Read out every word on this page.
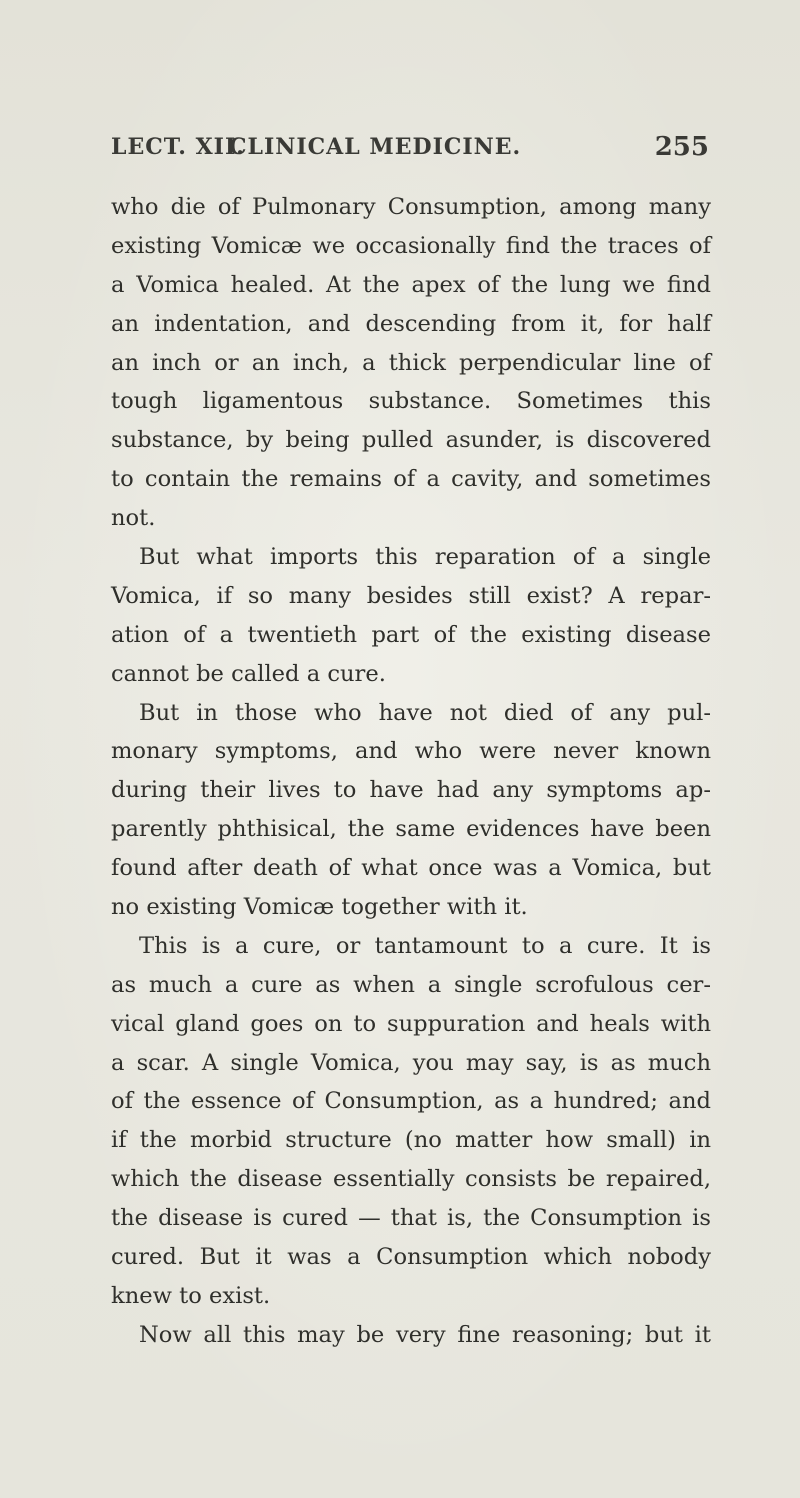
LECT. XII.
CLINICAL MEDICINE.	255
who die of Pulmonary Consumption, among many
existing Vomicæ we occasionally find the traces of
a Vomica healed. At the apex of the lung we find
an indentation, and descending from it, for half
an inch or an inch, a thick perpendicular line of
tough ligamentous substance. Sometimes this
substance, by being pulled asunder, is discovered
to contain the remains of a cavity, and sometimes
not.
But what imports this reparation of a single
Vomica, if so many besides still exist? A repar-
ation of a twentieth part of the existing disease
cannot be called a cure.
But in those who have not died of any pul-
monary symptoms, and who were never known
during their lives to have had any symptoms ap-
parently phthisical, the same evidences have been
found after death of what once was a Vomica, but
no existing Vomicæ together with it.
This is a cure, or tantamount to a cure. It is
as much a cure as when a single scrofulous cer-
vical gland goes on to suppuration and heals with
a scar. A single Vomica, you may say, is as much
of the essence of Consumption, as a hundred; and
if the morbid structure (no matter how small) in
which the disease essentially consists be repaired,
the disease is cured — that is, the Consumption is
cured. But it was a Consumption which nobody
knew to exist.
Now all this may be very fine reasoning; but it
